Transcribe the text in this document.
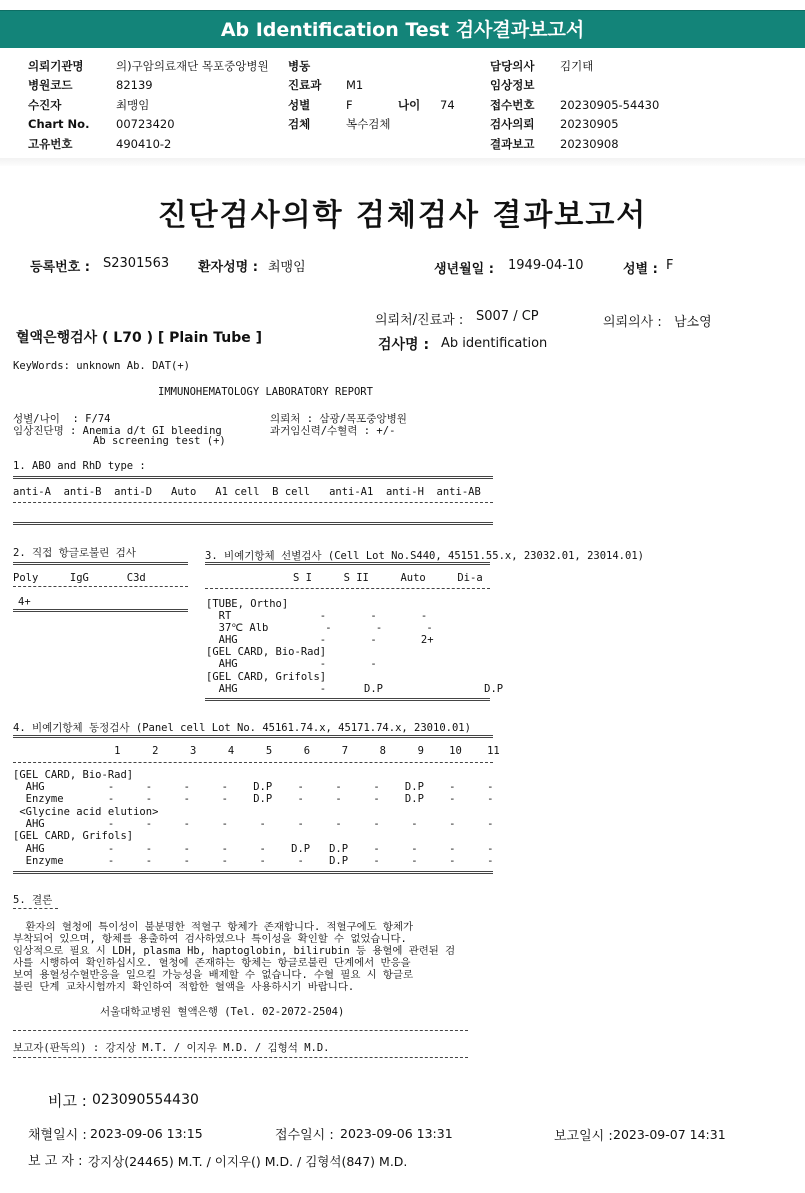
Ab Identification Test 검사결과보고서
의뢰기관명	의)구암의료재단 목포중앙병원	병동	담당의사	김기태
병원코드	82139	진료과	M1	임상정보
수진자	최맹임	성별	F	나이	74	접수번호	20230905-54430
Chart No.	00723420	검체	복수검체	검사의뢰	20230905
고유번호	490410-2	결과보고	20230908
진단검사의학 검체검사 결과보고서
등록번호 : S2301563 환자성명 : 최맹임	생년월일 : 1949-04-10	성별 : F
의뢰처/진료과 : S007 / CP	의뢰의사 : 남소영
혈액은행검사 ( L70 ) [ Plain Tube ]	검사명 : Ab identification
KeyWords: unknown Ab. DAT(+)
IMMUNOHEMATOLOGY LABORATORY REPORT
성별/나이  : F/74
임상진단명 : Anemia d/t GI bleeding
Ab screening test (+)
의뢰처 : 삼광/목포중앙병원
과거임신력/수혈력 : +/-
1. ABO and RhD type :
anti-A  anti-B  anti-D   Auto   A1 cell  B cell   anti-A1  anti-H  anti-AB
2. 직접 항글로불린 검사	3. 비예기항체 선별검사 (Cell Lot No.S440, 45151.55.x, 23032.01, 23014.01)
Poly     IgG      C3d	S I     S II     Auto     Di-a
4+	[TUBE, Ortho]
RT              -       -       -
37℃ Alb         -       -       -
AHG             -       -       2+
[GEL CARD, Bio-Rad]
AHG             -       -
[GEL CARD, Grifols]
AHG             -      D.P                D.P
4. 비예기항체 동정검사 (Panel cell Lot No. 45161.74.x, 45171.74.x, 23010.01)
1     2     3     4     5     6     7     8     9    10    11
[GEL CARD, Bio-Rad]
AHG          -     -     -     -    D.P    -     -     -    D.P    -     -
Enzyme       -     -     -     -    D.P    -     -     -    D.P    -     -
<Glycine acid elution>
AHG          -     -     -     -     -     -     -     -     -     -     -
[GEL CARD, Grifols]
AHG          -     -     -     -     -    D.P   D.P    -     -     -     -
Enzyme       -     -     -     -     -     -    D.P    -     -     -     -
5. 결론
환자의 혈청에 특이성이 불분명한 적혈구 항체가 존재합니다. 적혈구에도 항체가
부착되어 있으며, 항체를 용출하여 검사하였으나 특이성을 확인할 수 없었습니다.
임상적으로 필요 시 LDH, plasma Hb, haptoglobin, bilirubin 등 용혈에 관련된 검
사를 시행하여 확인하십시오. 혈청에 존재하는 항체는 항글로불린 단계에서 반응을
보여 용혈성수혈반응을 일으킬 가능성을 배제할 수 없습니다. 수혈 필요 시 항글로
불린 단계 교차시험까지 확인하여 적합한 혈액을 사용하시기 바랍니다.
서울대학교병원 혈액은행 (Tel. 02-2072-2504)
보고자(판독의) : 강지상 M.T. / 이지우 M.D. / 김형석 M.D.
비고 : 023090554430
채혈일시 : 2023-09-06 13:15	접수일시 : 2023-09-06 13:31	보고일시 : 2023-09-07 14:31
보 고 자 : 강지상(24465) M.T. / 이지우() M.D. / 김형석(847) M.D.
